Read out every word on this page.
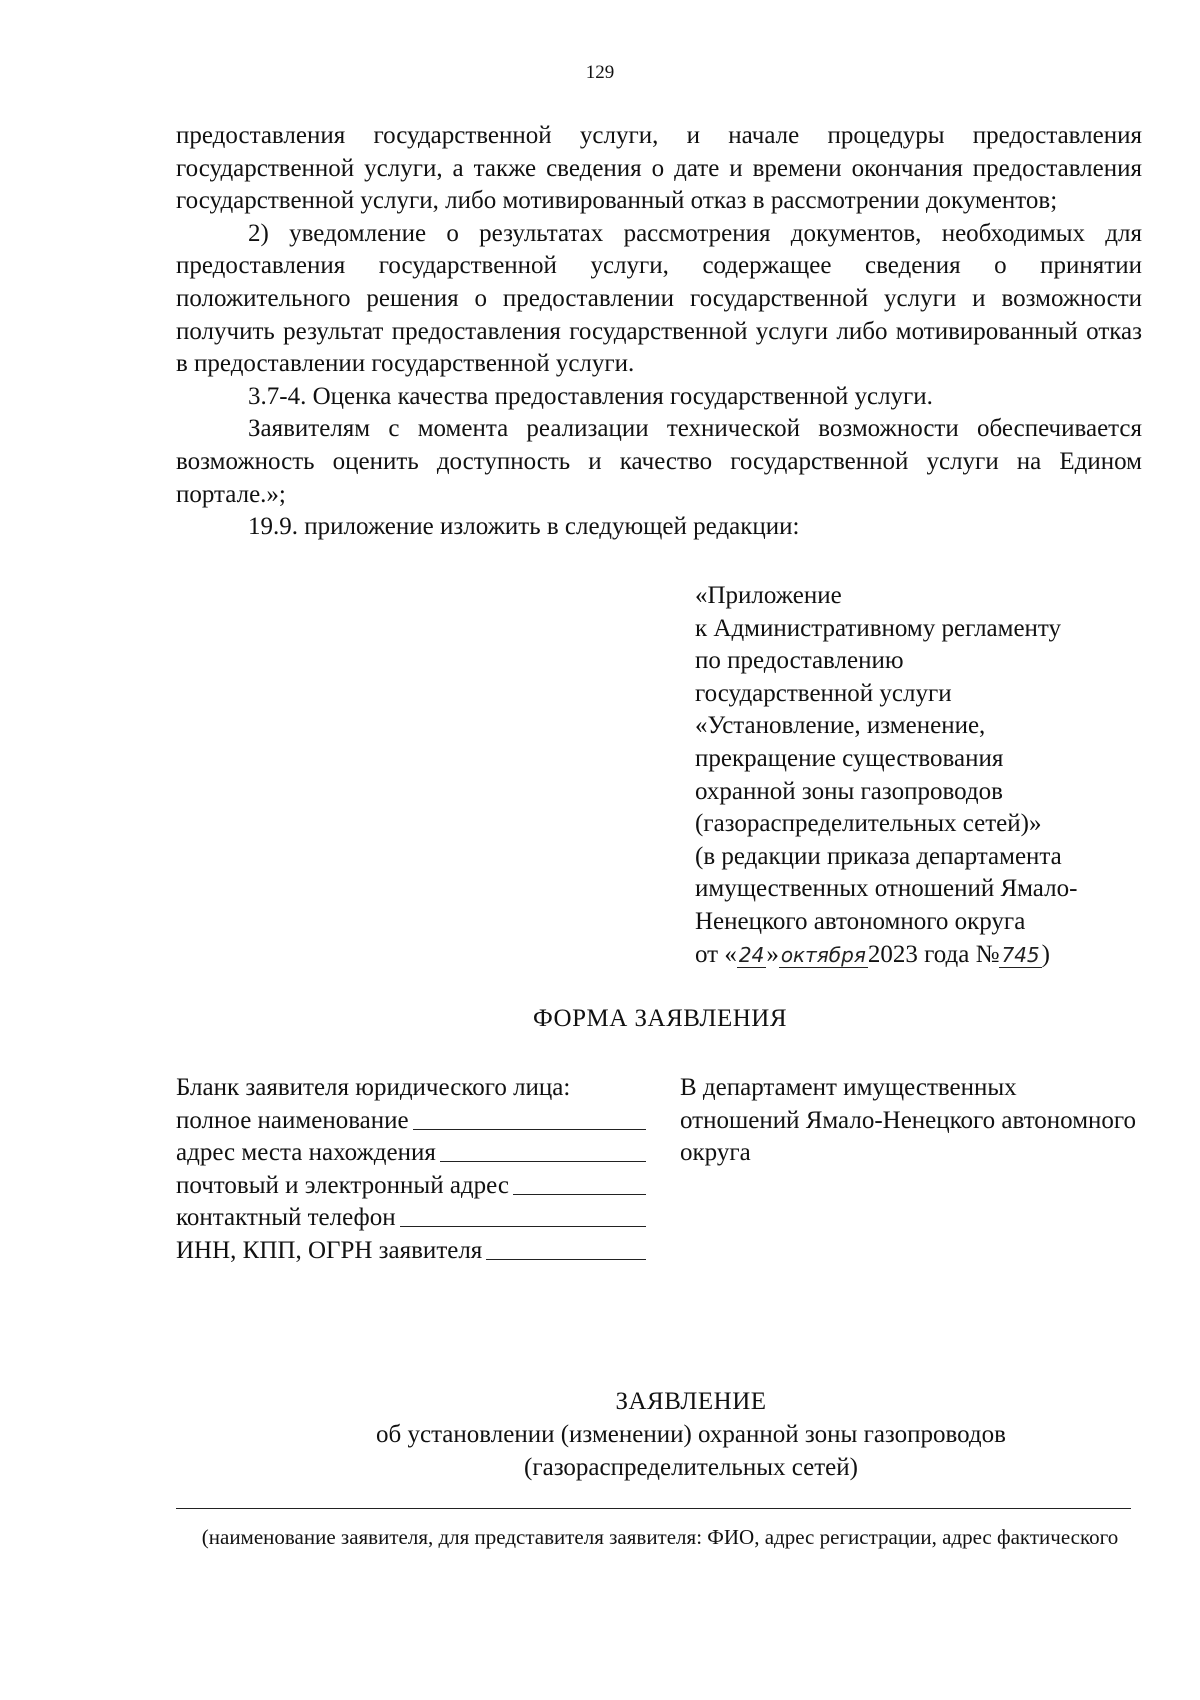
129

предоставления государственной услуги, и начале процедуры предоставления государственной услуги, а также сведения о дате и времени окончания предоставления государственной услуги, либо мотивированный отказ в рассмотрении документов;

2) уведомление о результатах рассмотрения документов, необходимых для предоставления государственной услуги, содержащее сведения о принятии положительного решения о предоставлении государственной услуги и возможности получить результат предоставления государственной услуги либо мотивированный отказ в предоставлении государственной услуги.

3.7-4. Оценка качества предоставления государственной услуги.

Заявителям с момента реализации технической возможности обеспечивается возможность оценить доступность и качество государственной услуги на Едином портале.»;

19.9. приложение изложить в следующей редакции:

«Приложение
к Административному регламенту
по предоставлению
государственной услуги
«Установление, изменение,
прекращение существования
охранной зоны газопроводов
(газораспределительных сетей)»
(в редакции приказа департамента
имущественных отношений Ямало-
Ненецкого автономного округа
от « 24» октября2023 года № 745)
ФОРМА ЗАЯВЛЕНИЯ
Бланк заявителя юридического лица:
полное наименование
адрес места нахождения
почтовый и электронный адрес
контактный телефон
ИНН, КПП, ОГРН заявителя
В департамент имущественных отношений Ямало-Ненецкого автономного округа
ЗАЯВЛЕНИЕ
об установлении (изменении) охранной зоны газопроводов
(газораспределительных сетей)
(наименование заявителя, для представителя заявителя: ФИО, адрес регистрации, адрес фактического
